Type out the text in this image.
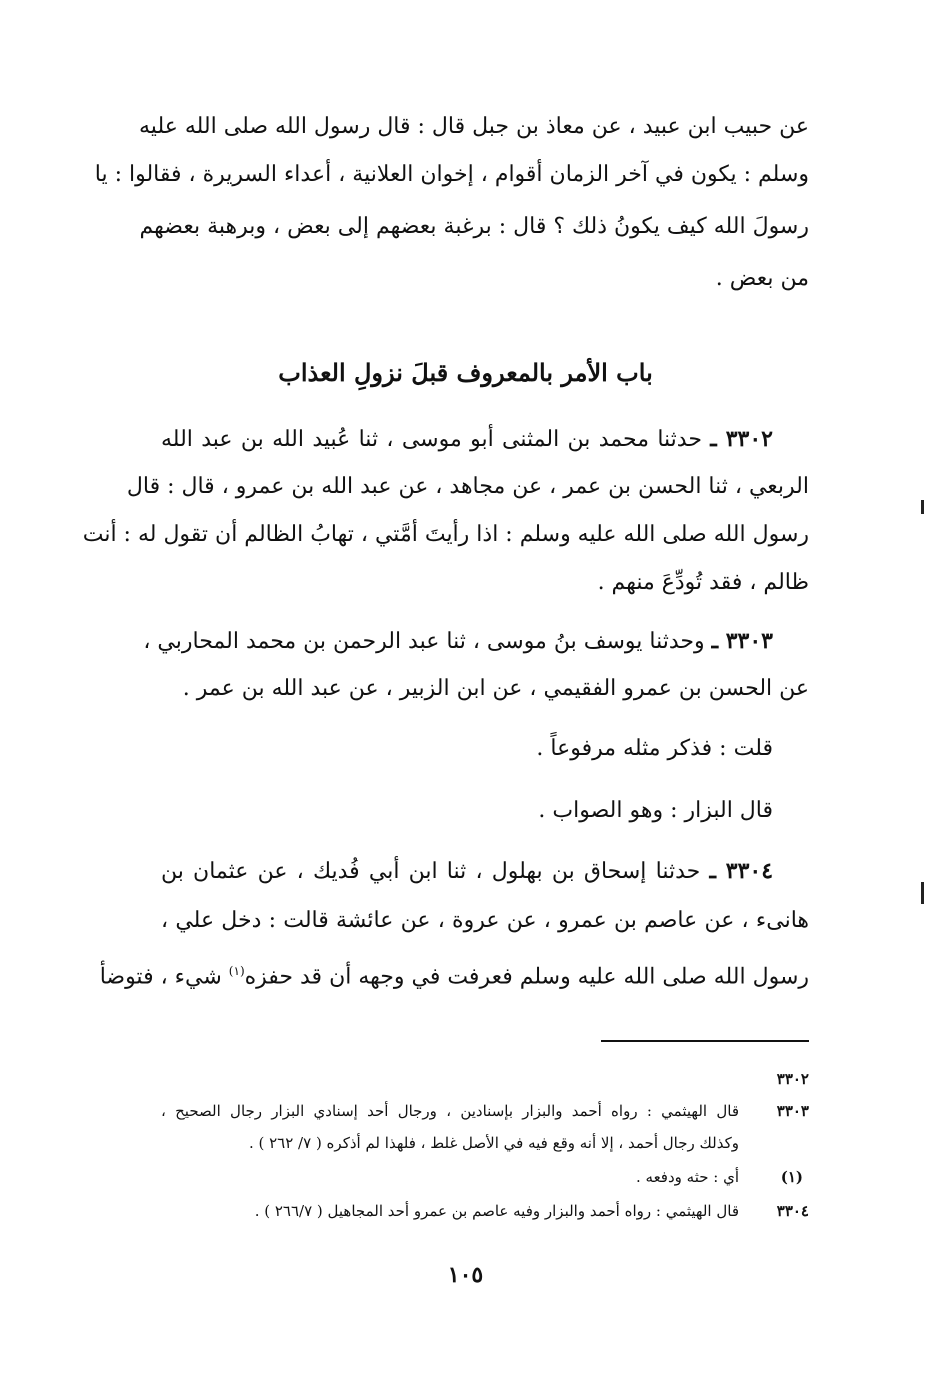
عن حبيب ابن عبيد ، عن معاذ بن جبل قال : قال رسول الله صلى الله عليه
وسلم : يكون في آخر الزمان أقوام ، إخوان العلانية ، أعداء السريرة ، فقالوا : يا
رسولَ الله كيف يكونُ ذلك ؟ قال : برغبة بعضهم إلى بعض ، وبرهبة بعضهم
من بعض .
باب الأمر بالمعروف قبلَ نزولِ العذاب
٣٣٠٢ ـ حدثنا محمد بن المثنى أبو موسى ، ثنا عُبيد الله بن عبد الله
الربعي ، ثنا الحسن بن عمر ، عن مجاهد ، عن عبد الله بن عمرو ، قال : قال
رسول الله صلى الله عليه وسلم : اذا رأيتَ أمَّتي ، تهابُ الظالم أن تقول له : أنت
ظالم ، فقد تُودِّعَ منهم .
٣٣٠٣ ـ وحدثنا يوسف بنُ موسى ، ثنا عبد الرحمن بن محمد المحاربي ،
عن الحسن بن عمرو الفقيمي ، عن ابن الزبير ، عن عبد الله بن عمر .
قلت : فذكر مثله مرفوعاً .
قال البزار : وهو الصواب .
٣٣٠٤ ـ حدثنا إسحاق بن بهلول ، ثنا ابن أبي فُديك ، عن عثمان بن
هانىء ، عن عاصم بن عمرو ، عن عروة ، عن عائشة قالت : دخل علي ،
رسول الله صلى الله عليه وسلم فعرفت في وجهه أن قد حفزه$^{(١)}$ شيء ، فتوضأ
٣٣٠٢
٣٣٠٣
قال الهيثمي : رواه أحمد والبزار بإسنادين ، ورجال أحد إسنادي البزار رجال الصحيح ،
وكذلك رجال أحمد ، إلا أنه وقع فيه في الأصل غلط ، فلهذا لم أذكره ( ٧/ ٢٦٢ ) .
(١)
أي : حثه ودفعه .
٣٣٠٤
قال الهيثمي : رواه أحمد والبزار وفيه عاصم بن عمرو أحد المجاهيل ( ٢٦٦/٧ ) .
١٠٥
